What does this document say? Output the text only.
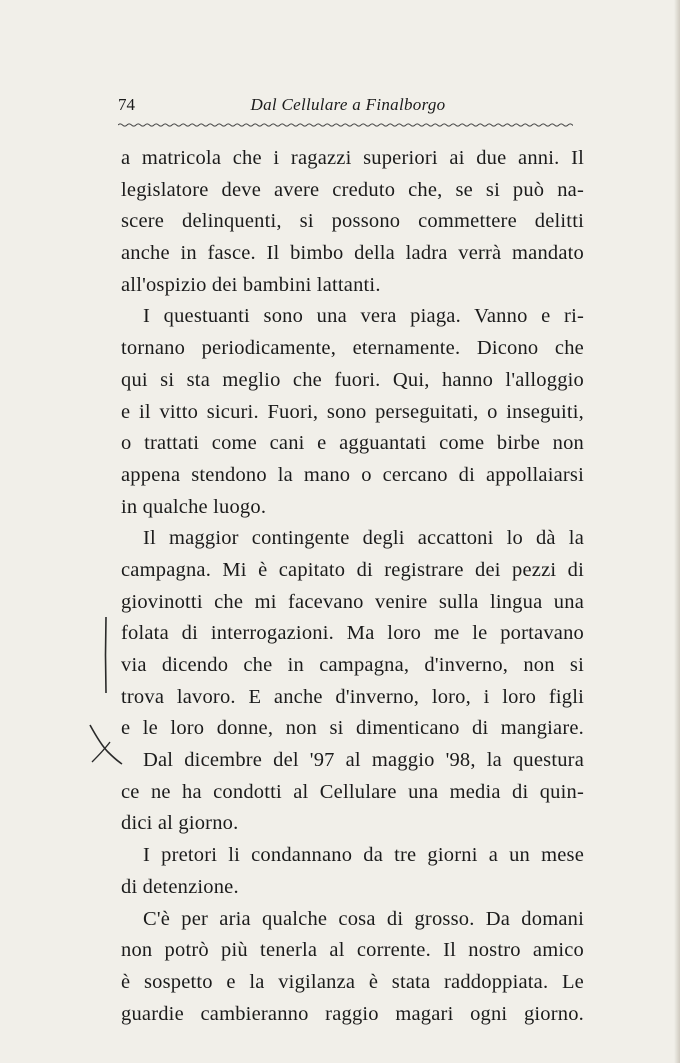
74	Dal Cellulare a Finalborgo
a matricola che i ragazzi superiori ai due anni. Il
legislatore deve avere creduto che, se si può na-
scere delinquenti, si possono commettere delitti
anche in fasce. Il bimbo della ladra verrà mandato
all'ospizio dei bambini lattanti.
I questuanti sono una vera piaga. Vanno e ri-
tornano periodicamente, eternamente. Dicono che
qui si sta meglio che fuori. Qui, hanno l'alloggio
e il vitto sicuri. Fuori, sono perseguitati, o inseguiti,
o trattati come cani e agguantati come birbe non
appena stendono la mano o cercano di appollaiarsi
in qualche luogo.
Il maggior contingente degli accattoni lo dà la
campagna. Mi è capitato di registrare dei pezzi di
giovinotti che mi facevano venire sulla lingua una
folata di interrogazioni. Ma loro me le portavano
via dicendo che in campagna, d'inverno, non si
trova lavoro. E anche d'inverno, loro, i loro figli
e le loro donne, non si dimenticano di mangiare.
Dal dicembre del '97 al maggio '98, la questura
ce ne ha condotti al Cellulare una media di quin-
dici al giorno.
I pretori li condannano da tre giorni a un mese
di detenzione.
C'è per aria qualche cosa di grosso. Da domani
non potrò più tenerla al corrente. Il nostro amico
è sospetto e la vigilanza è stata raddoppiata. Le
guardie cambieranno raggio magari ogni giorno.
